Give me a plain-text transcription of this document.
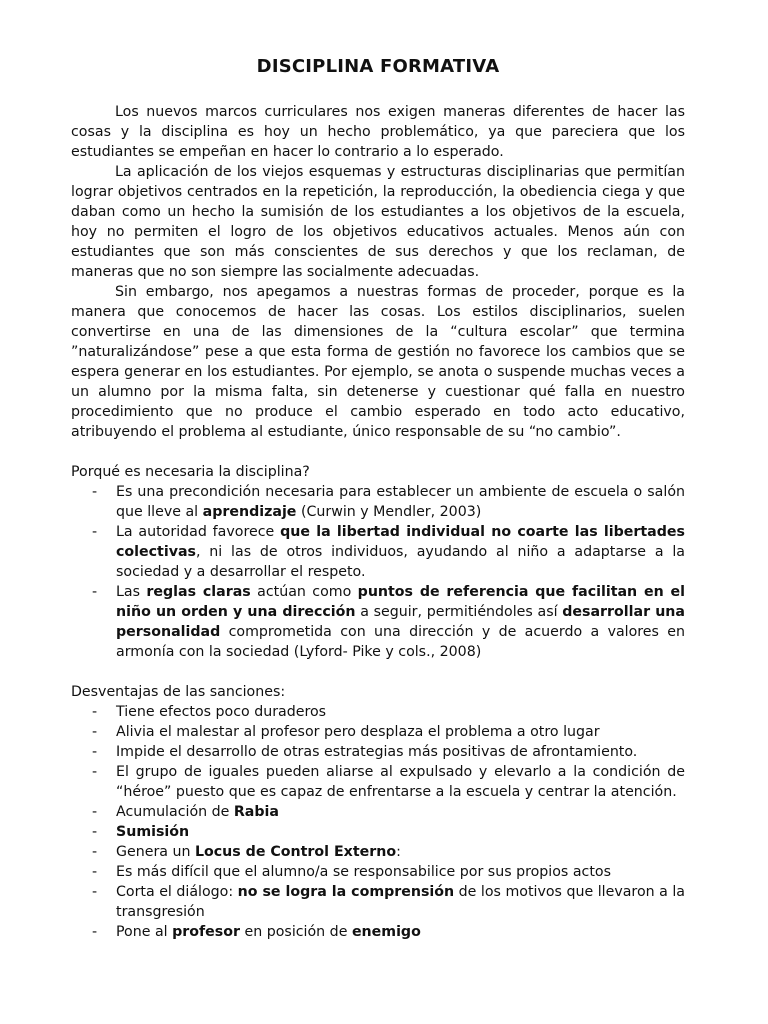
DISCIPLINA FORMATIVA

Los nuevos marcos curriculares nos exigen maneras diferentes de hacer las cosas y la disciplina es hoy un hecho problemático, ya que pareciera que los estudiantes se empeñan en hacer lo contrario a lo esperado.

La aplicación de los viejos esquemas y estructuras disciplinarias que permitían lograr objetivos centrados en la repetición, la reproducción, la obediencia ciega y que daban como un hecho la sumisión de los estudiantes a los objetivos de la escuela, hoy no permiten el logro de los objetivos educativos actuales. Menos aún con estudiantes que son más conscientes de sus derechos y que los reclaman, de maneras que no son siempre las socialmente adecuadas.

Sin embargo, nos apegamos a nuestras formas de proceder, porque es la manera que conocemos de hacer las cosas. Los estilos disciplinarios, suelen convertirse en una de las dimensiones de la “cultura escolar” que termina ”naturalizándose” pese a que esta forma de gestión no favorece los cambios que se espera generar en los estudiantes. Por ejemplo, se anota o suspende muchas veces a un alumno por la misma falta, sin detenerse y cuestionar qué falla en nuestro procedimiento que no produce el cambio esperado en todo acto educativo, atribuyendo el problema al estudiante, único responsable de su “no cambio”.

Porqué es necesaria la disciplina?
- Es una precondición necesaria para establecer un ambiente de escuela o salón que lleve al aprendizaje (Curwin y Mendler, 2003)
- La autoridad favorece que la libertad individual no coarte las libertades colectivas, ni las de otros individuos, ayudando al niño a adaptarse a la sociedad y a desarrollar el respeto.
- Las reglas claras actúan como puntos de referencia que facilitan en el niño un orden y una dirección a seguir, permitiéndoles así desarrollar una personalidad comprometida con una dirección y de acuerdo a valores en armonía con la sociedad (Lyford- Pike y cols., 2008)
Desventajas de las sanciones:
- Tiene efectos poco duraderos
- Alivia el malestar al profesor pero desplaza el problema a otro lugar
- Impide el desarrollo de otras estrategias más positivas de afrontamiento.
- El grupo de iguales pueden aliarse al expulsado y elevarlo a la condición de “héroe” puesto que es capaz de enfrentarse a la escuela y centrar la atención.
- Acumulación de Rabia
- Sumisión
- Genera un Locus de Control Externo:
- Es más difícil que el alumno/a se responsabilice por sus propios actos
- Corta el diálogo: no se logra la comprensión de los motivos que llevaron a la transgresión
- Pone al profesor en posición de enemigo
